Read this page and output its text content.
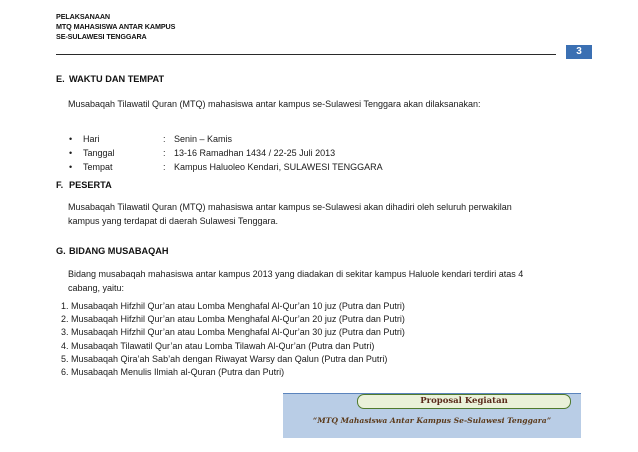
PELAKSANAAN
MTQ MAHASISWA ANTAR KAMPUS
SE-SULAWESI TENGGARA
3
E. WAKTU DAN TEMPAT
Musabaqah Tilawatil Quran (MTQ) mahasiswa antar kampus se-Sulawesi Tenggara akan dilaksanakan:
• Hari	: Senin – Kamis
• Tanggal	: 13-16 Ramadhan 1434 / 22-25 Juli 2013
• Tempat	: Kampus Haluoleo Kendari, SULAWESI TENGGARA
F. PESERTA
Musabaqah Tilawatil Quran (MTQ) mahasiswa antar kampus se-Sulawesi akan dihadiri oleh seluruh perwakilan
kampus yang terdapat di daerah Sulawesi Tenggara.
G. BIDANG MUSABAQAH
Bidang musabaqah mahasiswa antar kampus 2013 yang diadakan di sekitar kampus Haluole kendari terdiri atas 4
cabang, yaitu:
1. Musabaqah Hifzhil Qur’an atau Lomba Menghafal Al-Qur’an 10 juz (Putra dan Putri)
2. Musabaqah Hifzhil Qur’an atau Lomba Menghafal Al-Qur’an 20 juz (Putra dan Putri)
3. Musabaqah Hifzhil Qur’an atau Lomba Menghafal Al-Qur’an 30 juz (Putra dan Putri)
4. Musabaqah Tilawatil Qur’an atau Lomba Tilawah Al-Qur’an (Putra dan Putri)
5. Musabaqah Qira’ah Sab’ah dengan Riwayat Warsy dan Qalun (Putra dan Putri)
6. Musabaqah Menulis Ilmiah al-Quran (Putra dan Putri)
Proposal Kegiatan
“MTQ Mahasiswa Antar Kampus Se-Sulawesi Tenggara”
